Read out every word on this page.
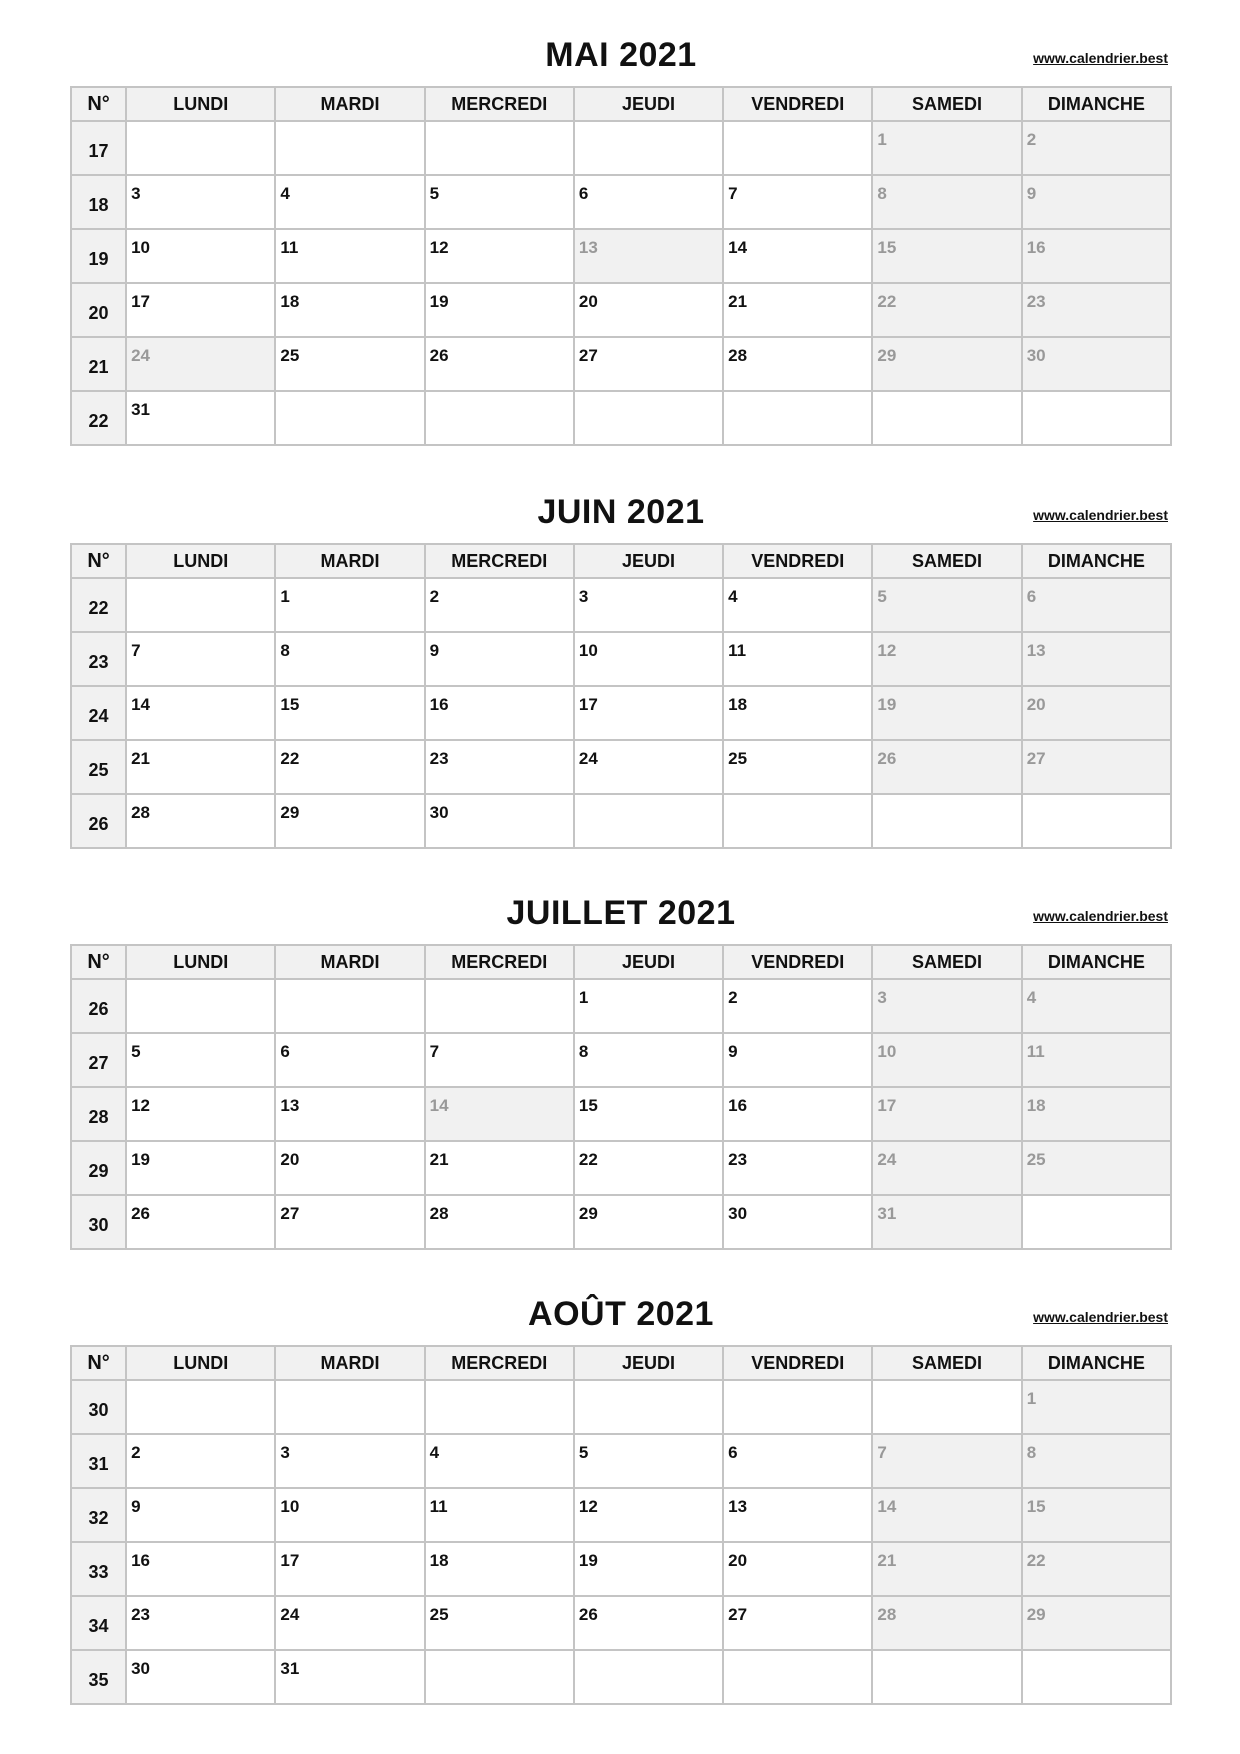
MAI 2021	www.calendrier.best
N°	LUNDI	MARDI	MERCREDI	JEUDI	VENDREDI	SAMEDI	DIMANCHE
17						1	2
18	3	4	5	6	7	8	9
19	10	11	12	13	14	15	16
20	17	18	19	20	21	22	23
21	24	25	26	27	28	29	30
22	31						
JUIN 2021	www.calendrier.best
N°	LUNDI	MARDI	MERCREDI	JEUDI	VENDREDI	SAMEDI	DIMANCHE
22		1	2	3	4	5	6
23	7	8	9	10	11	12	13
24	14	15	16	17	18	19	20
25	21	22	23	24	25	26	27
26	28	29	30				
JUILLET 2021	www.calendrier.best
N°	LUNDI	MARDI	MERCREDI	JEUDI	VENDREDI	SAMEDI	DIMANCHE
26				1	2	3	4
27	5	6	7	8	9	10	11
28	12	13	14	15	16	17	18
29	19	20	21	22	23	24	25
30	26	27	28	29	30	31	
AOÛT 2021	www.calendrier.best
N°	LUNDI	MARDI	MERCREDI	JEUDI	VENDREDI	SAMEDI	DIMANCHE
30							1
31	2	3	4	5	6	7	8
32	9	10	11	12	13	14	15
33	16	17	18	19	20	21	22
34	23	24	25	26	27	28	29
35	30	31					
